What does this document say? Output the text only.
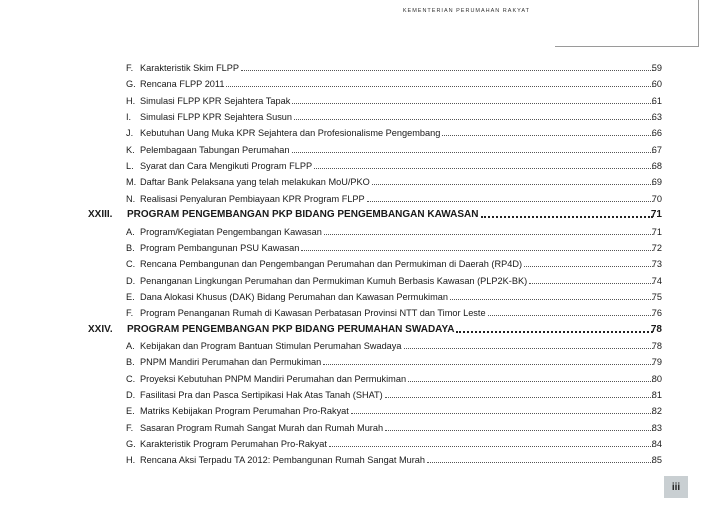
KEMENTERIAN PERUMAHAN RAKYAT
F. Karakteristik Skim FLPP	59
G. Rencana FLPP 2011	60
H. Simulasi FLPP KPR Sejahtera Tapak	61
I. Simulasi FLPP KPR Sejahtera Susun	63
J. Kebutuhan Uang Muka KPR Sejahtera dan Profesionalisme Pengembang	66
K. Pelembagaan Tabungan Perumahan	67
L. Syarat dan Cara Mengikuti Program FLPP	68
M. Daftar Bank Pelaksana yang telah melakukan MoU/PKO	69
N. Realisasi Penyaluran Pembiayaan KPR Program FLPP	70
XXIII. PROGRAM PENGEMBANGAN PKP BIDANG PENGEMBANGAN KAWASAN	71
A. Program/Kegiatan Pengembangan Kawasan	71
B. Program Pembangunan PSU Kawasan	72
C. Rencana Pembangunan dan Pengembangan Perumahan dan Permukiman di Daerah (RP4D)	73
D. Penanganan Lingkungan Perumahan dan Permukiman Kumuh Berbasis Kawasan (PLP2K-BK)	74
E. Dana Alokasi Khusus (DAK) Bidang Perumahan dan Kawasan Permukiman	75
F. Program Penanganan Rumah di Kawasan Perbatasan Provinsi NTT dan Timor Leste	76
XXIV. PROGRAM PENGEMBANGAN PKP BIDANG PERUMAHAN SWADAYA	78
A. Kebijakan dan Program Bantuan Stimulan Perumahan Swadaya	78
B. PNPM Mandiri Perumahan dan Permukiman	79
C. Proyeksi Kebutuhan PNPM Mandiri Perumahan dan Permukiman	80
D. Fasilitasi Pra dan Pasca Sertipikasi Hak Atas Tanah (SHAT)	81
E. Matriks Kebijakan Program Perumahan Pro-Rakyat	82
F. Sasaran Program Rumah Sangat Murah dan Rumah Murah	83
G. Karakteristik Program Perumahan Pro-Rakyat	84
H. Rencana Aksi Terpadu TA 2012: Pembangunan Rumah Sangat Murah	85
iii
